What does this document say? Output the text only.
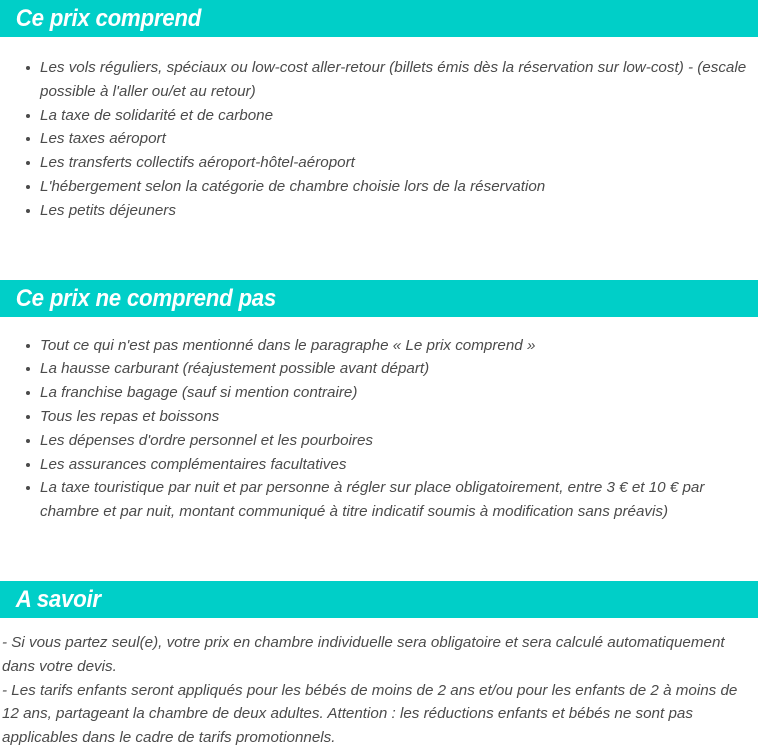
Ce prix comprend
Les vols réguliers, spéciaux ou low-cost aller-retour (billets émis dès la réservation sur low-cost) - (escale possible à l'aller ou/et au retour)
La taxe de solidarité et de carbone
Les taxes aéroport
Les transferts collectifs aéroport-hôtel-aéroport
L'hébergement selon la catégorie de chambre choisie lors de la réservation
Les petits déjeuners
Ce prix ne comprend pas
Tout ce qui n'est pas mentionné dans le paragraphe « Le prix comprend »
La hausse carburant (réajustement possible avant départ)
La franchise bagage (sauf si mention contraire)
Tous les repas et boissons
Les dépenses d'ordre personnel et les pourboires
Les assurances complémentaires facultatives
La taxe touristique par nuit et par personne à régler sur place obligatoirement, entre 3 € et 10 € par chambre et par nuit, montant communiqué à titre indicatif soumis à modification sans préavis)
A savoir

- Si vous partez seul(e), votre prix en chambre individuelle sera obligatoire et sera calculé automatiquement dans votre devis.

- Les tarifs enfants seront appliqués pour les bébés de moins de 2 ans et/ou pour les enfants de 2 à moins de 12 ans, partageant la chambre de deux adultes. Attention : les réductions enfants et bébés ne sont pas applicables dans le cadre de tarifs promotionnels.
